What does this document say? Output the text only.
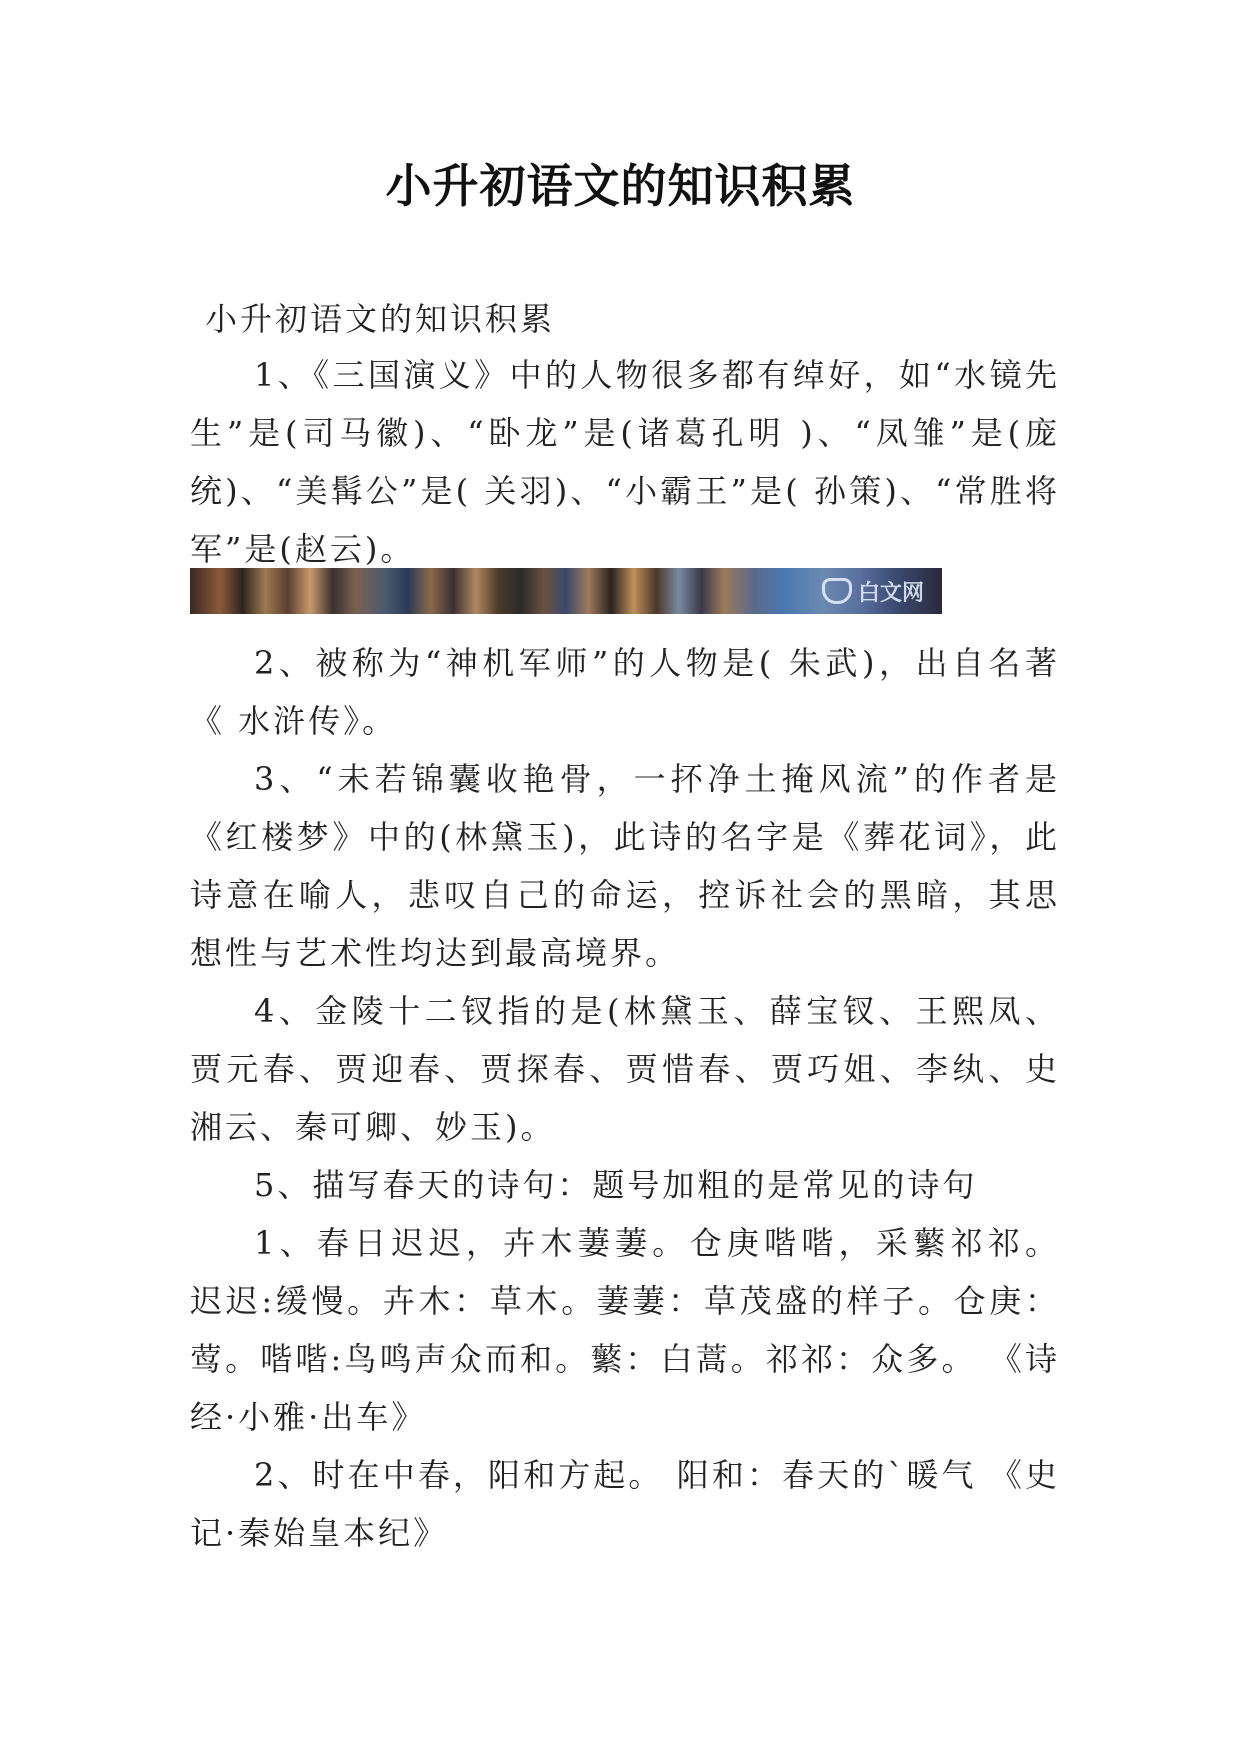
小升初语文的知识积累
小升初语文的知识积累

1、《三国演义》中的人物很多都有绰好，如“水镜先生”是(司马徽)、“卧龙”是(诸葛孔明 )、“凤雏”是(庞统)、“美髯公”是( 关羽)、“小霸王”是( 孙策)、“常胜将军”是(赵云)。

白文网

2、被称为“神机军师”的人物是( 朱武)，出自名著《 水浒传》。

3、“未若锦囊收艳骨，一抔净土掩风流”的作者是《红楼梦》中的(林黛玉)，此诗的名字是《葬花词》，此诗意在喻人，悲叹自己的命运，控诉社会的黑暗，其思想性与艺术性均达到最高境界。

4、金陵十二钗指的是(林黛玉、薛宝钗、王熙凤、贾元春、贾迎春、贾探春、贾惜春、贾巧姐、李纨、史湘云、秦可卿、妙玉)。

5、描写春天的诗句：题号加粗的是常见的诗句

1、春日迟迟，卉木萋萋。仓庚喈喈，采蘩祁祁。 迟迟:缓慢。卉木：草木。萋萋：草茂盛的样子。仓庚：莺。喈喈:鸟鸣声众而和。蘩：白蒿。祁祁：众多。 《诗经·小雅·出车》

2、时在中春，阳和方起。 阳和：春天的`暖气 《史记·秦始皇本纪》
